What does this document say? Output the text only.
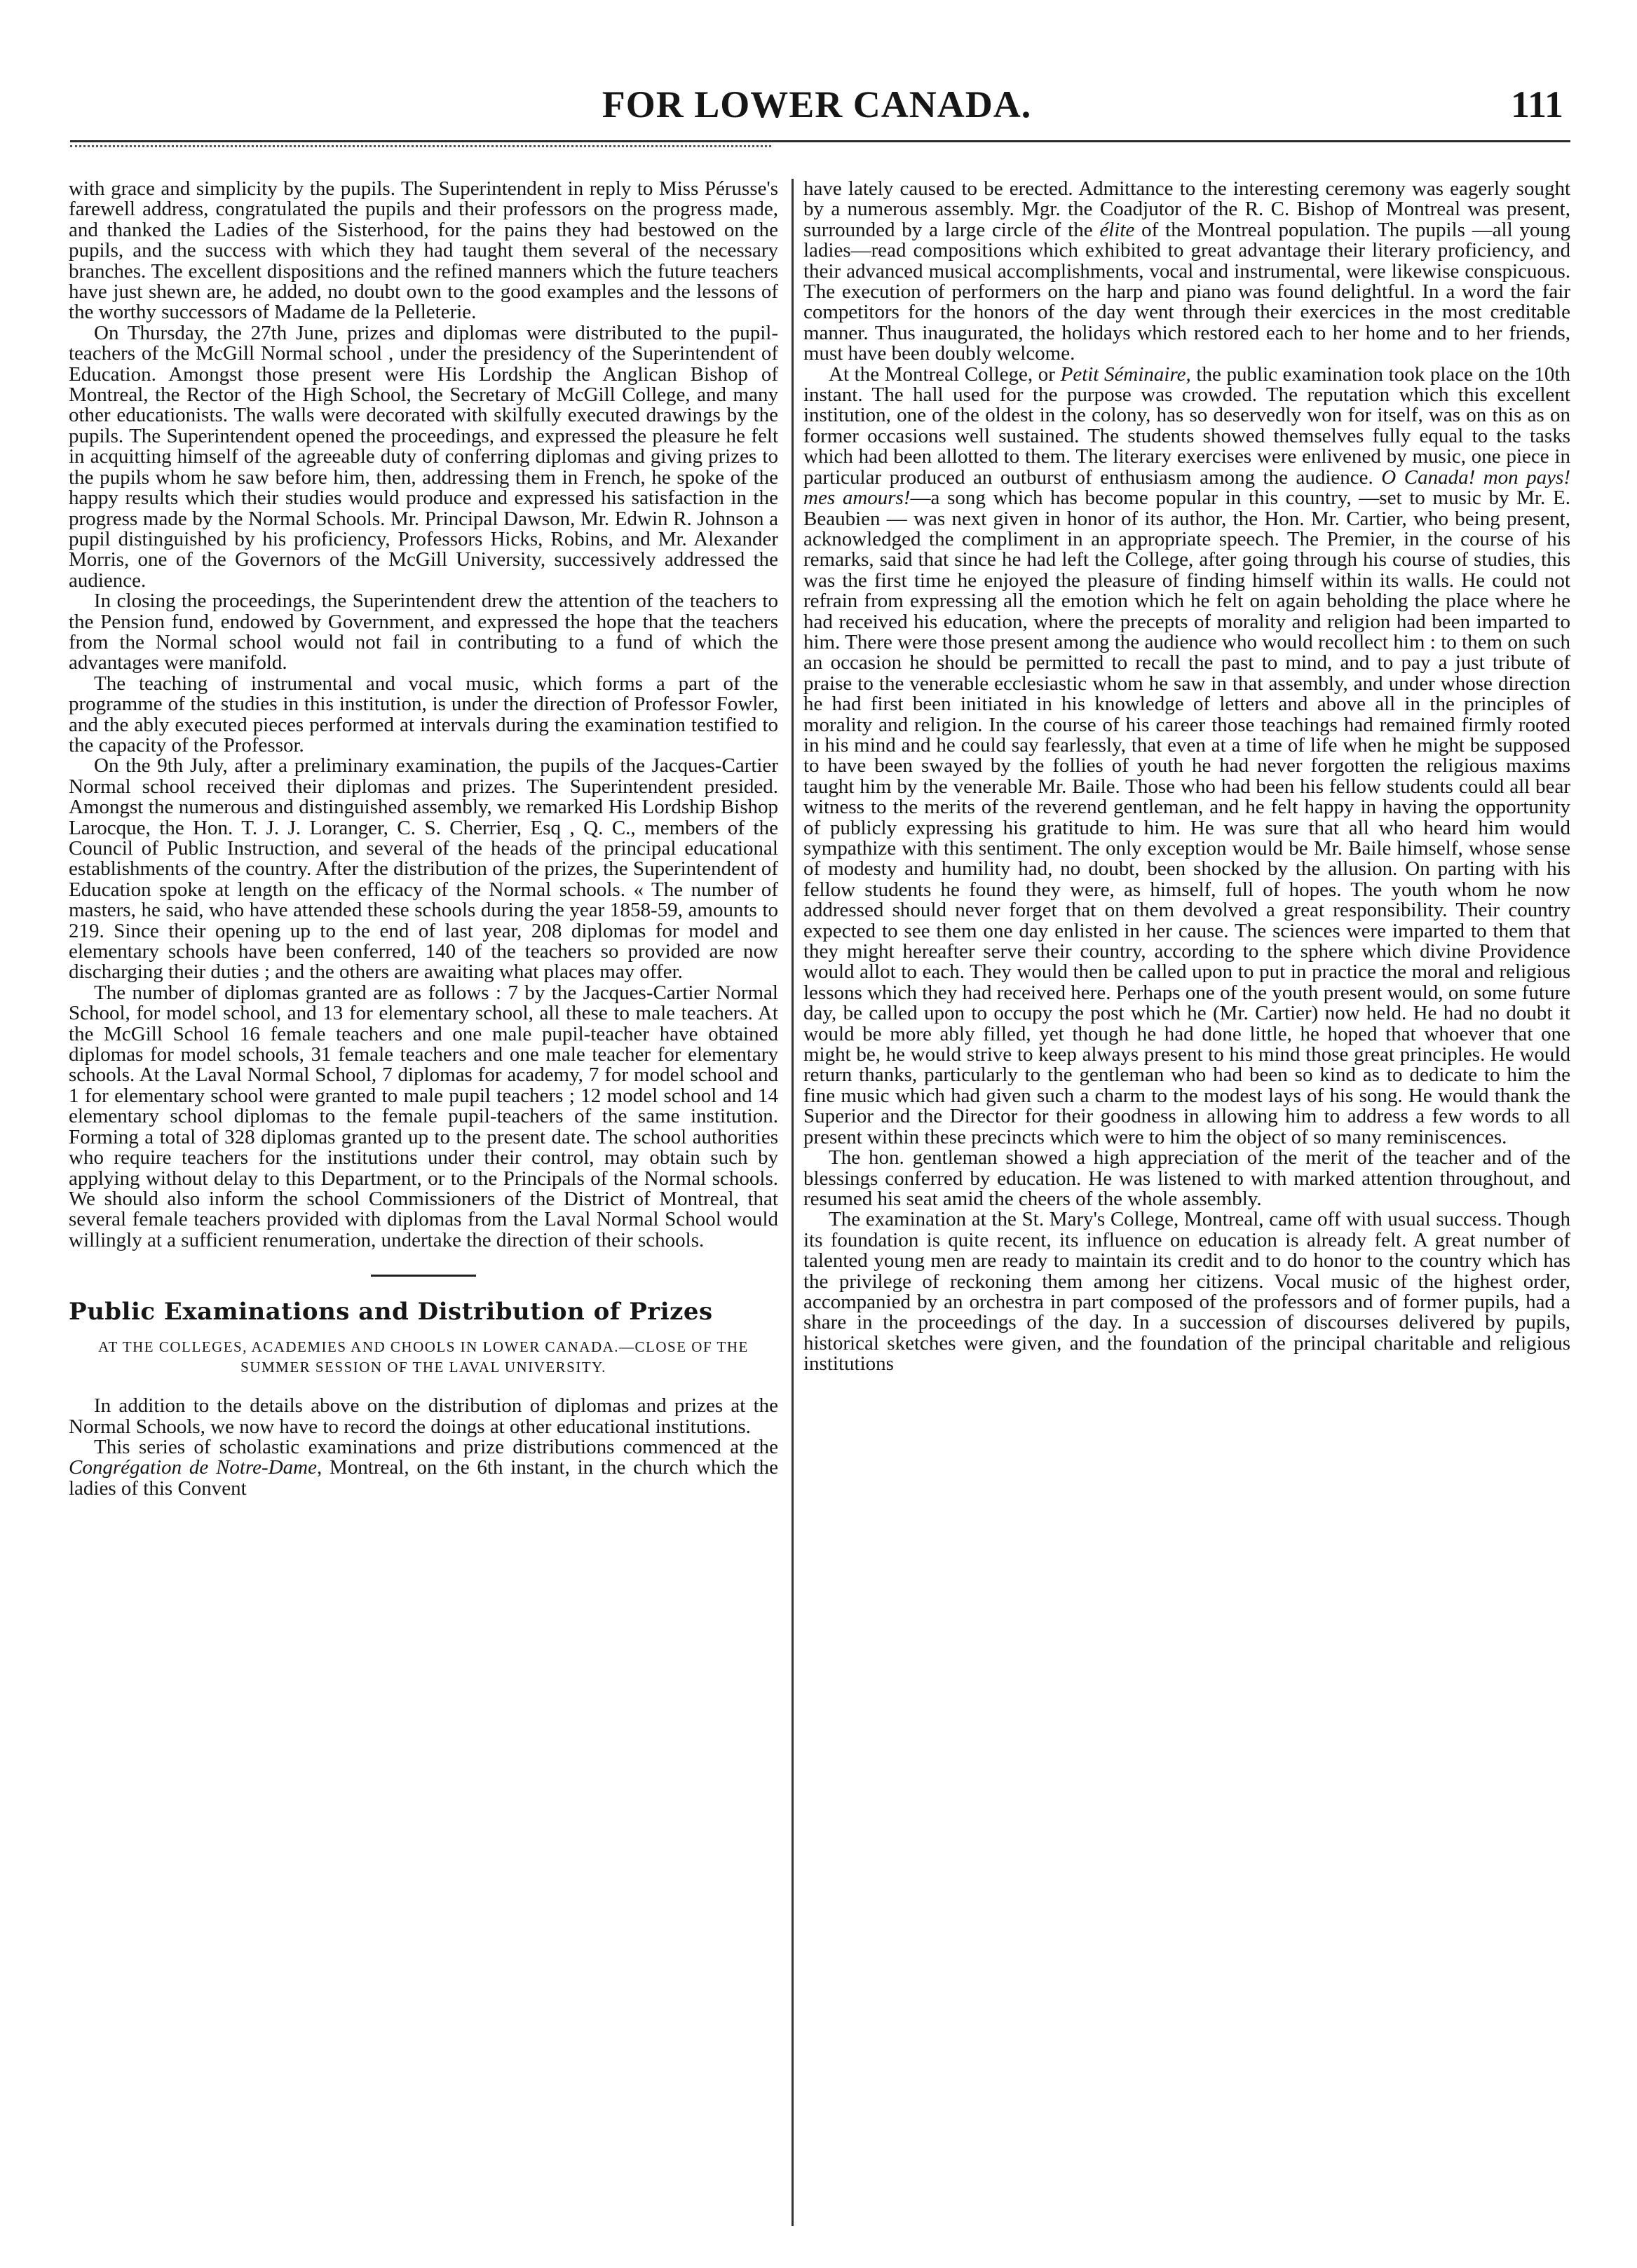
FOR LOWER CANADA.	111

with grace and simplicity by the pupils. The Superintendent in reply to Miss Pérusse's farewell address, congratulated the pupils and their professors on the progress made, and thanked the Ladies of the Sisterhood, for the pains they had bestowed on the pupils, and the success with which they had taught them several of the necessary branches. The excellent dispositions and the refined manners which the future teachers have just shewn are, he added, no doubt own to the good examples and the lessons of the worthy successors of Madame de la Pelleterie.

On Thursday, the 27th June, prizes and diplomas were distributed to the pupil-teachers of the McGill Normal school , under the presidency of the Superintendent of Education. Amongst those present were His Lordship the Anglican Bishop of Montreal, the Rector of the High School, the Secretary of McGill College, and many other educationists. The walls were decorated with skilfully executed drawings by the pupils. The Superintendent opened the proceedings, and expressed the pleasure he felt in acquitting himself of the agreeable duty of conferring diplomas and giving prizes to the pupils whom he saw before him, then, addressing them in French, he spoke of the happy results which their studies would produce and expressed his satisfaction in the progress made by the Normal Schools. Mr. Principal Dawson, Mr. Edwin R. Johnson a pupil distinguished by his proficiency, Professors Hicks, Robins, and Mr. Alexander Morris, one of the Governors of the McGill University, successively addressed the audience.

In closing the proceedings, the Superintendent drew the attention of the teachers to the Pension fund, endowed by Government, and expressed the hope that the teachers from the Normal school would not fail in contributing to a fund of which the advantages were manifold.

The teaching of instrumental and vocal music, which forms a part of the programme of the studies in this institution, is under the direction of Professor Fowler, and the ably executed pieces performed at intervals during the examination testified to the capacity of the Professor.

On the 9th July, after a preliminary examination, the pupils of the Jacques-Cartier Normal school received their diplomas and prizes. The Superintendent presided. Amongst the numerous and distinguished assembly, we remarked His Lordship Bishop Larocque, the Hon. T. J. J. Loranger, C. S. Cherrier, Esq , Q. C., members of the Council of Public Instruction, and several of the heads of the principal educational establishments of the country. After the distribution of the prizes, the Superintendent of Education spoke at length on the efficacy of the Normal schools. « The number of masters, he said, who have attended these schools during the year 1858-59, amounts to 219. Since their opening up to the end of last year, 208 diplomas for model and elementary schools have been conferred, 140 of the teachers so provided are now discharging their duties ; and the others are awaiting what places may offer.

The number of diplomas granted are as follows : 7 by the Jacques-Cartier Normal School, for model school, and 13 for elementary school, all these to male teachers. At the McGill School 16 female teachers and one male pupil-teacher have obtained diplomas for model schools, 31 female teachers and one male teacher for elementary schools. At the Laval Normal School, 7 diplomas for academy, 7 for model school and 1 for elementary school were granted to male pupil teachers ; 12 model school and 14 elementary school diplomas to the female pupil-teachers of the same institution. Forming a total of 328 diplomas granted up to the present date. The school authorities who require teachers for the institutions under their control, may obtain such by applying without delay to this Department, or to the Principals of the Normal schools. We should also inform the school Commissioners of the District of Montreal, that several female teachers provided with diplomas from the Laval Normal School would willingly at a sufficient renumeration, undertake the direction of their schools.

Public Examinations and Distribution of Prizes
AT THE COLLEGES, ACADEMIES AND CHOOLS IN LOWER CANADA.—CLOSE OF THE SUMMER SESSION OF THE LAVAL UNIVERSITY.

In addition to the details above on the distribution of diplomas and prizes at the Normal Schools, we now have to record the doings at other educational institutions.

This series of scholastic examinations and prize distributions commenced at the Congrégation de Notre-Dame, Montreal, on the 6th instant, in the church which the ladies of this Convent

have lately caused to be erected. Admittance to the interesting ceremony was eagerly sought by a numerous assembly. Mgr. the Coadjutor of the R. C. Bishop of Montreal was present, surrounded by a large circle of the élite of the Montreal population. The pupils —all young ladies—read compositions which exhibited to great advantage their literary proficiency, and their advanced musical accomplishments, vocal and instrumental, were likewise conspicuous. The execution of performers on the harp and piano was found delightful. In a word the fair competitors for the honors of the day went through their exercices in the most creditable manner. Thus inaugurated, the holidays which restored each to her home and to her friends, must have been doubly welcome.

At the Montreal College, or Petit Séminaire, the public examination took place on the 10th instant. The hall used for the purpose was crowded. The reputation which this excellent institution, one of the oldest in the colony, has so deservedly won for itself, was on this as on former occasions well sustained. The students showed themselves fully equal to the tasks which had been allotted to them. The literary exercises were enlivened by music, one piece in particular produced an outburst of enthusiasm among the audience. O Canada! mon pays! mes amours!—a song which has become popular in this country, —set to music by Mr. E. Beaubien — was next given in honor of its author, the Hon. Mr. Cartier, who being present, acknowledged the compliment in an appropriate speech. The Premier, in the course of his remarks, said that since he had left the College, after going through his course of studies, this was the first time he enjoyed the pleasure of finding himself within its walls. He could not refrain from expressing all the emotion which he felt on again beholding the place where he had received his education, where the precepts of morality and religion had been imparted to him. There were those present among the audience who would recollect him : to them on such an occasion he should be permitted to recall the past to mind, and to pay a just tribute of praise to the venerable ecclesiastic whom he saw in that assembly, and under whose direction he had first been initiated in his knowledge of letters and above all in the principles of morality and religion. In the course of his career those teachings had remained firmly rooted in his mind and he could say fearlessly, that even at a time of life when he might be supposed to have been swayed by the follies of youth he had never forgotten the religious maxims taught him by the venerable Mr. Baile. Those who had been his fellow students could all bear witness to the merits of the reverend gentleman, and he felt happy in having the opportunity of publicly expressing his gratitude to him. He was sure that all who heard him would sympathize with this sentiment. The only exception would be Mr. Baile himself, whose sense of modesty and humility had, no doubt, been shocked by the allusion. On parting with his fellow students he found they were, as himself, full of hopes. The youth whom he now addressed should never forget that on them devolved a great responsibility. Their country expected to see them one day enlisted in her cause. The sciences were imparted to them that they might hereafter serve their country, according to the sphere which divine Providence would allot to each. They would then be called upon to put in practice the moral and religious lessons which they had received here. Perhaps one of the youth present would, on some future day, be called upon to occupy the post which he (Mr. Cartier) now held. He had no doubt it would be more ably filled, yet though he had done little, he hoped that whoever that one might be, he would strive to keep always present to his mind those great principles. He would return thanks, particularly to the gentleman who had been so kind as to dedicate to him the fine music which had given such a charm to the modest lays of his song. He would thank the Superior and the Director for their goodness in allowing him to address a few words to all present within these precincts which were to him the object of so many reminiscences.

The hon. gentleman showed a high appreciation of the merit of the teacher and of the blessings conferred by education. He was listened to with marked attention throughout, and resumed his seat amid the cheers of the whole assembly.

The examination at the St. Mary's College, Montreal, came off with usual success. Though its foundation is quite recent, its influence on education is already felt. A great number of talented young men are ready to maintain its credit and to do honor to the country which has the privilege of reckoning them among her citizens. Vocal music of the highest order, accompanied by an orchestra in part composed of the professors and of former pupils, had a share in the proceedings of the day. In a succession of discourses delivered by pupils, historical sketches were given, and the foundation of the principal charitable and religious institutions
